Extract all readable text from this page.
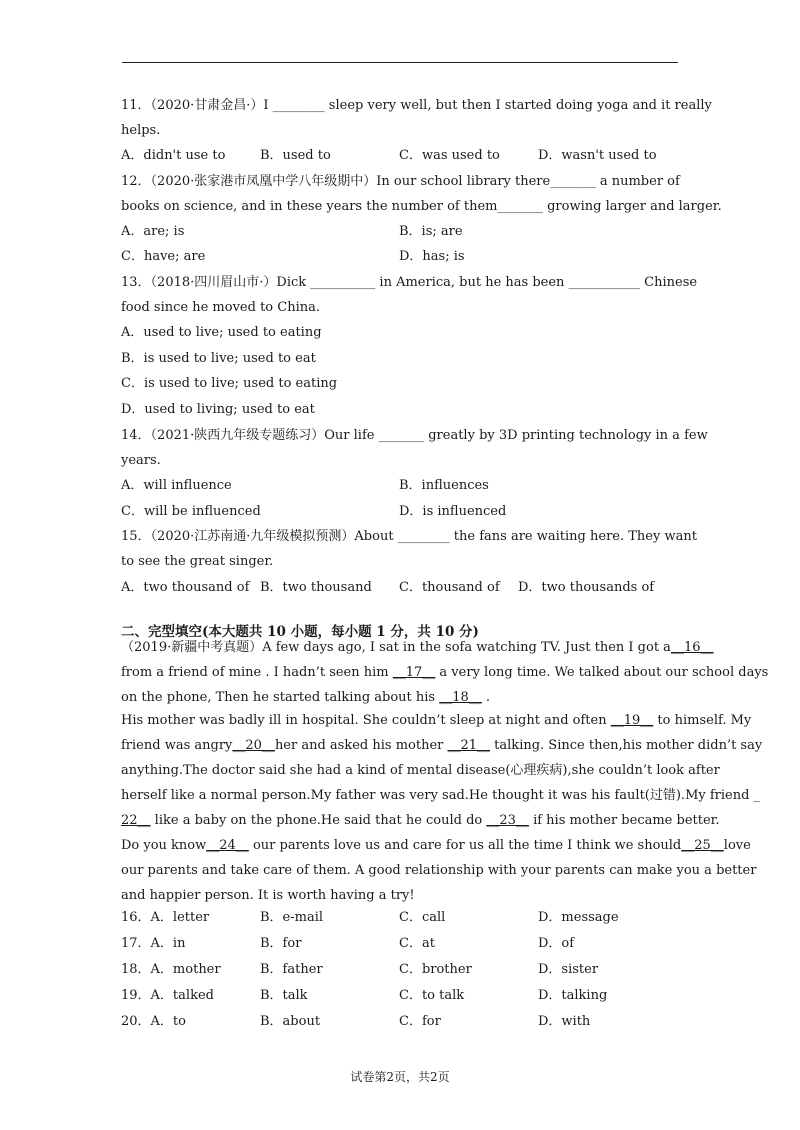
11．（2020·甘肃金昌·）I ________ sleep very well, but then I started doing yoga and it really
helps.
A．didn't use to	B．used to	C．was used to	D．wasn't used to
12．（2020·张家港市凤凰中学八年级期中）In our school library there_______ a number of
books on science, and in these years the number of them_______ growing larger and larger.
A．are; is	B．is; are
C．have; are	D．has; is
13．（2018·四川眉山市·）Dick __________ in America, but he has been ___________ Chinese
food since he moved to China.
A．used to live; used to eating
B．is used to live; used to eat
C．is used to live; used to eating
D．used to living; used to eat
14．（2021·陕西九年级专题练习）Our life _______ greatly by 3D printing technology in a few
years.
A．will influence	B．influences
C．will be influenced	D．is influenced
15．（2020·江苏南通·九年级模拟预测）About ________ the fans are waiting here. They want
to see the great singer.
A．two thousand of B．two thousand C．thousand of D．two thousands of
二、完型填空(本大题共 10 小题，每小题 1 分，共 10 分)
（2019·新疆中考真题）A few days ago, I sat in the sofa watching TV. Just then I got a__16__
from a friend of mine . I hadn’t seen him __17__ a very long time. We talked about our school days
on the phone, Then he started talking about his __18__ .
His mother was badly ill in hospital. She couldn’t sleep at night and often __19__ to himself. My
friend was angry__20__her and asked his mother __21__ talking. Since then,his mother didn’t say
anything.The doctor said she had a kind of mental disease(心理疾病),she couldn’t look after
herself like a normal person.My father was very sad.He thought it was his fault(过错).My friend _
22__ like a baby on the phone.He said that he could do __23__ if his mother became better.
Do you know__24__ our parents love us and care for us all the time I think we should__25__love
our parents and take care of them. A good relationship with your parents can make you a better
and happier person. It is worth having a try!
16．A．letter	B．e-mail	C．call	D．message
17．A．in	B．for	C．at	D．of
18．A．mother	B．father	C．brother	D．sister
19．A．talked	B．talk	C．to talk	D．talking
20．A．to	B．about	C．for	D．with
试卷第2页，共2页
